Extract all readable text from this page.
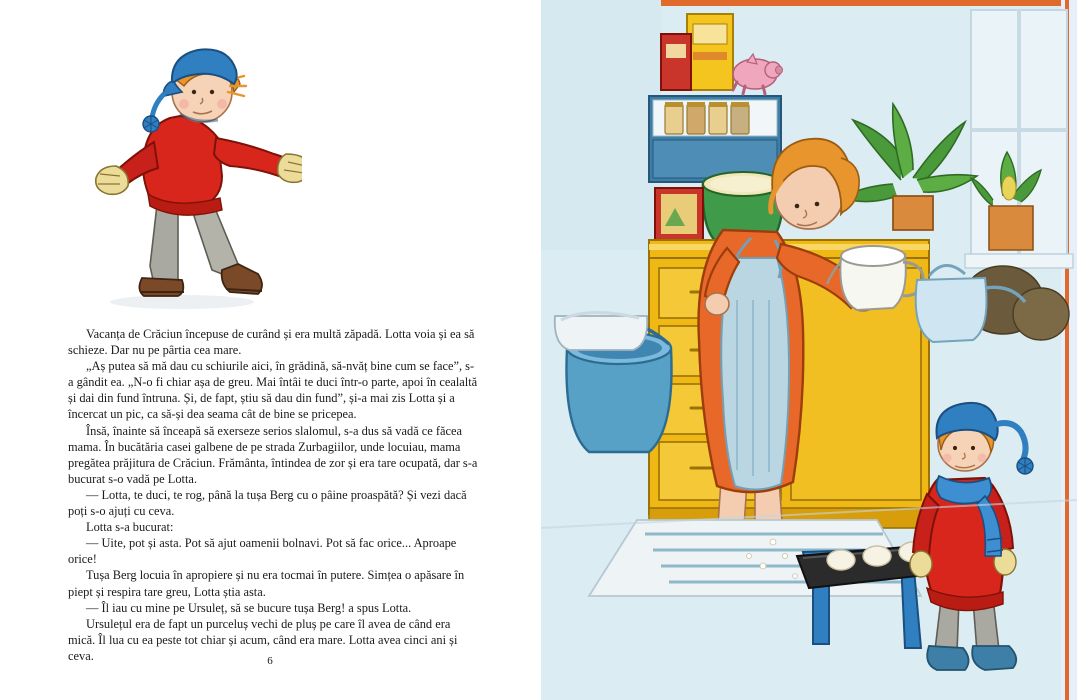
Vacanța de Crăciun începuse de curând și era multă zăpadă. Lotta voia și ea să schieze. Dar nu pe pârtia cea mare.

„Aș putea să mă dau cu schiurile aici, în grădină, să-nvăț bine cum se face”, s-a gândit ea. „N-o fi chiar așa de greu. Mai întâi te duci într-o parte, apoi în cealaltă și dai din fund întruna. Și, de fapt, știu să dau din fund”, și-a mai zis Lotta și a încercat un pic, ca să-și dea seama cât de bine se pricepea.

Însă, înainte să înceapă să exerseze serios slalomul, s-a dus să vadă ce făcea mama. În bucătăria casei galbene de pe strada Zurbagiilor, unde locuiau, mama pregătea prăjitura de Crăciun. Frământa, întindea de zor și era tare ocupată, dar s-a bucurat s-o vadă pe Lotta.

— Lotta, te duci, te rog, până la tușa Berg cu o pâine proaspătă? Și vezi dacă poți s-o ajuți cu ceva.

Lotta s-a bucurat:

— Uite, pot și asta. Pot să ajut oamenii bolnavi. Pot să fac orice... Aproape orice!

Tușa Berg locuia în apropiere și nu era tocmai în putere. Simțea o apăsare în piept și respira tare greu, Lotta știa asta.

— Îl iau cu mine pe Ursuleț, să se bucure tușa Berg! a spus Lotta.

Ursulețul era de fapt un purceluș vechi de pluș pe care îl avea de când era mică. Îl lua cu ea peste tot chiar și acum, când era mare. Lotta avea cinci ani și ceva.	6
